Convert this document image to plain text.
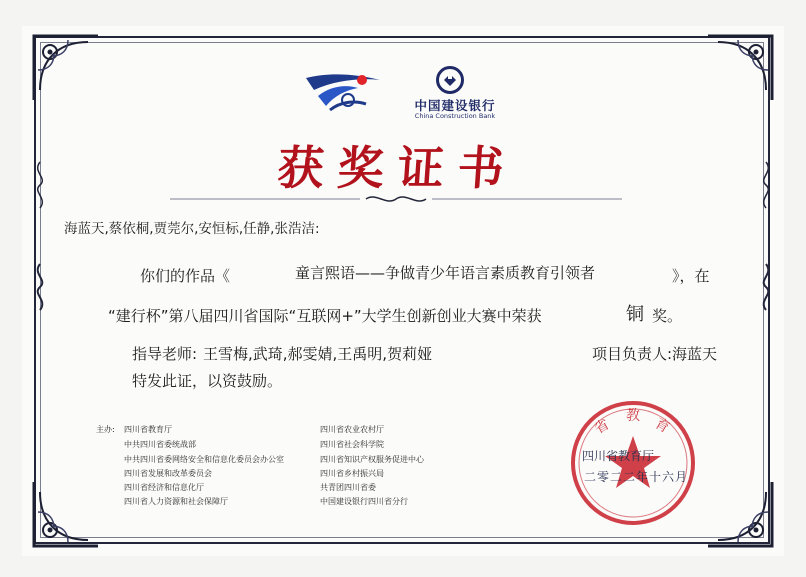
中国建设银行
China Construction Bank
获奖证书
海蓝天,蔡依桐,贾莞尔,安恒标,任静,张浩洁:
你们的作品《	童言熙语——争做青少年语言素质教育引领者	》，在
“建行杯”第八届四川省国际“互联网+”大学生创新创业大赛中荣获	铜 奖。
指导老师: 王雪梅,武琦,郝雯婧,王禹明,贺莉娅	项目负责人:海蓝天
特发此证，以资鼓励。
主办: 四川省教育厅
中共四川省委统战部
中共四川省委网络安全和信息化委员会办公室
四川省发展和改革委员会
四川省经济和信息化厅
四川省人力资源和社会保障厅
四川省农业农村厅
四川省社会科学院
四川省知识产权服务促进中心
四川省乡村振兴局
共青团四川省委
中国建设银行四川省分行
省
教 育
四川省教育厅
二零二二年十六月
